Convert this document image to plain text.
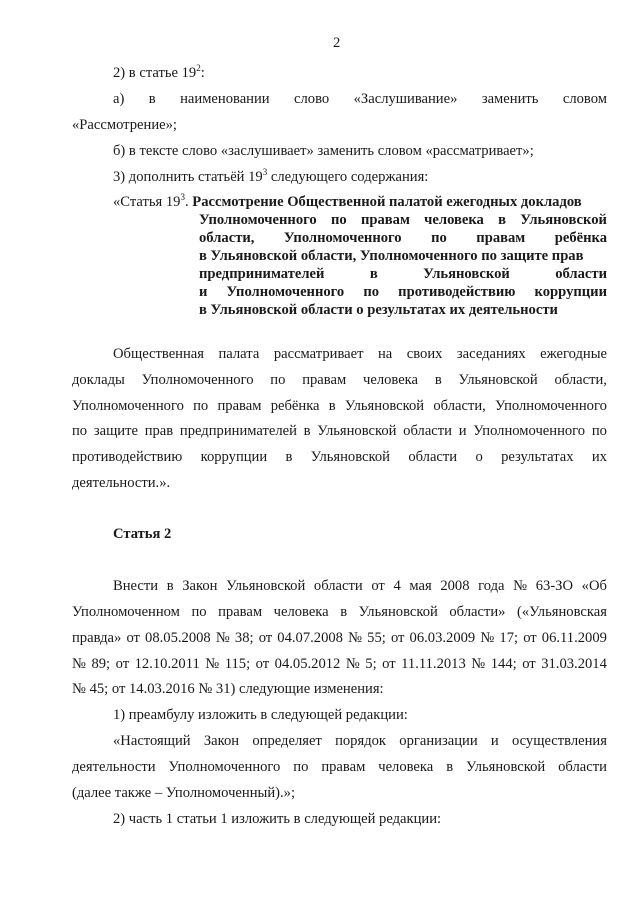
2
2) в статье $19^2$:
а) в наименовании слово «Заслушивание» заменить словом
«Рассмотрение»;
б) в тексте слово «заслушивает» заменить словом «рассматривает»;
3) дополнить статьёй $19^3$ следующего содержания:
«Статья $19^3$. Рассмотрение Общественной палатой ежегодных докладов
Уполномоченного по правам человека в Ульяновской
области, Уполномоченного по правам ребёнка
в Ульяновской области, Уполномоченного по защите прав
предпринимателей	в	Ульяновской	области
и Уполномоченного по противодействию коррупции
в Ульяновской области о результатах их деятельности
Общественная палата рассматривает на своих заседаниях ежегодные
доклады Уполномоченного по правам человека в Ульяновской области,
Уполномоченного по правам ребёнка в Ульяновской области, Уполномоченного
по защите прав предпринимателей в Ульяновской области и Уполномоченного по
противодействию коррупции в Ульяновской области о результатах их
деятельности.».
Статья 2
Внести в Закон Ульяновской области от 4 мая 2008 года № 63-ЗО «Об
Уполномоченном по правам человека в Ульяновской области» («Ульяновская
правда» от 08.05.2008 № 38; от 04.07.2008 № 55; от 06.03.2009 № 17; от 06.11.2009
№ 89; от 12.10.2011 № 115; от 04.05.2012 № 5; от 11.11.2013 № 144; от 31.03.2014
№ 45; от 14.03.2016 № 31) следующие изменения:
1) преамбулу изложить в следующей редакции:
«Настоящий Закон определяет порядок организации и осуществления
деятельности Уполномоченного по правам человека в Ульяновской области
(далее также – Уполномоченный).»;
2) часть 1 статьи 1 изложить в следующей редакции:
